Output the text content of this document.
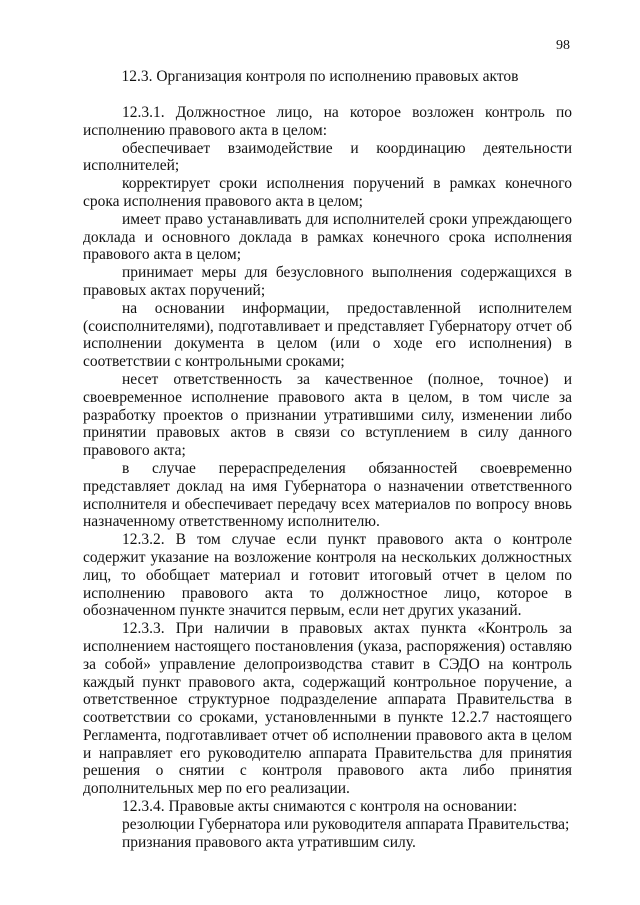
98
12.3. Организация контроля по исполнению правовых актов

12.3.1. Должностное лицо, на которое возложен контроль по исполнению правового акта в целом:

обеспечивает взаимодействие и координацию деятельности исполнителей;

корректирует сроки исполнения поручений в рамках конечного срока исполнения правового акта в целом;

имеет право устанавливать для исполнителей сроки упреждающего доклада и основного доклада в рамках конечного срока исполнения правового акта в целом;

принимает меры для безусловного выполнения содержащихся в правовых актах поручений;

на основании информации, предоставленной исполнителем (соисполнителями), подготавливает и представляет Губернатору отчет об исполнении документа в целом (или о ходе его исполнения) в соответствии с контрольными сроками;

несет ответственность за качественное (полное, точное) и своевременное исполнение правового акта в целом, в том числе за разработку проектов о признании утратившими силу, изменении либо принятии правовых актов в связи со вступлением в силу данного правового акта;

в случае перераспределения обязанностей своевременно представляет доклад на имя Губернатора о назначении ответственного исполнителя и обеспечивает передачу всех материалов по вопросу вновь назначенному ответственному исполнителю.

12.3.2. В том случае если пункт правового акта о контроле содержит указание на возложение контроля на нескольких должностных лиц, то обобщает материал и готовит итоговый отчет в целом по исполнению правового акта то должностное лицо, которое в обозначенном пункте значится первым, если нет других указаний.

12.3.3. При наличии в правовых актах пункта «Контроль за исполнением настоящего постановления (указа, распоряжения) оставляю за собой» управление делопроизводства ставит в СЭДО на контроль каждый пункт правового акта, содержащий контрольное поручение, а ответственное структурное подразделение аппарата Правительства в соответствии со сроками, установленными в пункте 12.2.7 настоящего Регламента, подготавливает отчет об исполнении правового акта в целом и направляет его руководителю аппарата Правительства для принятия решения о снятии с контроля правового акта либо принятия дополнительных мер по его реализации.

12.3.4. Правовые акты снимаются с контроля на основании:

резолюции Губернатора или руководителя аппарата Правительства;

признания правового акта утратившим силу.
